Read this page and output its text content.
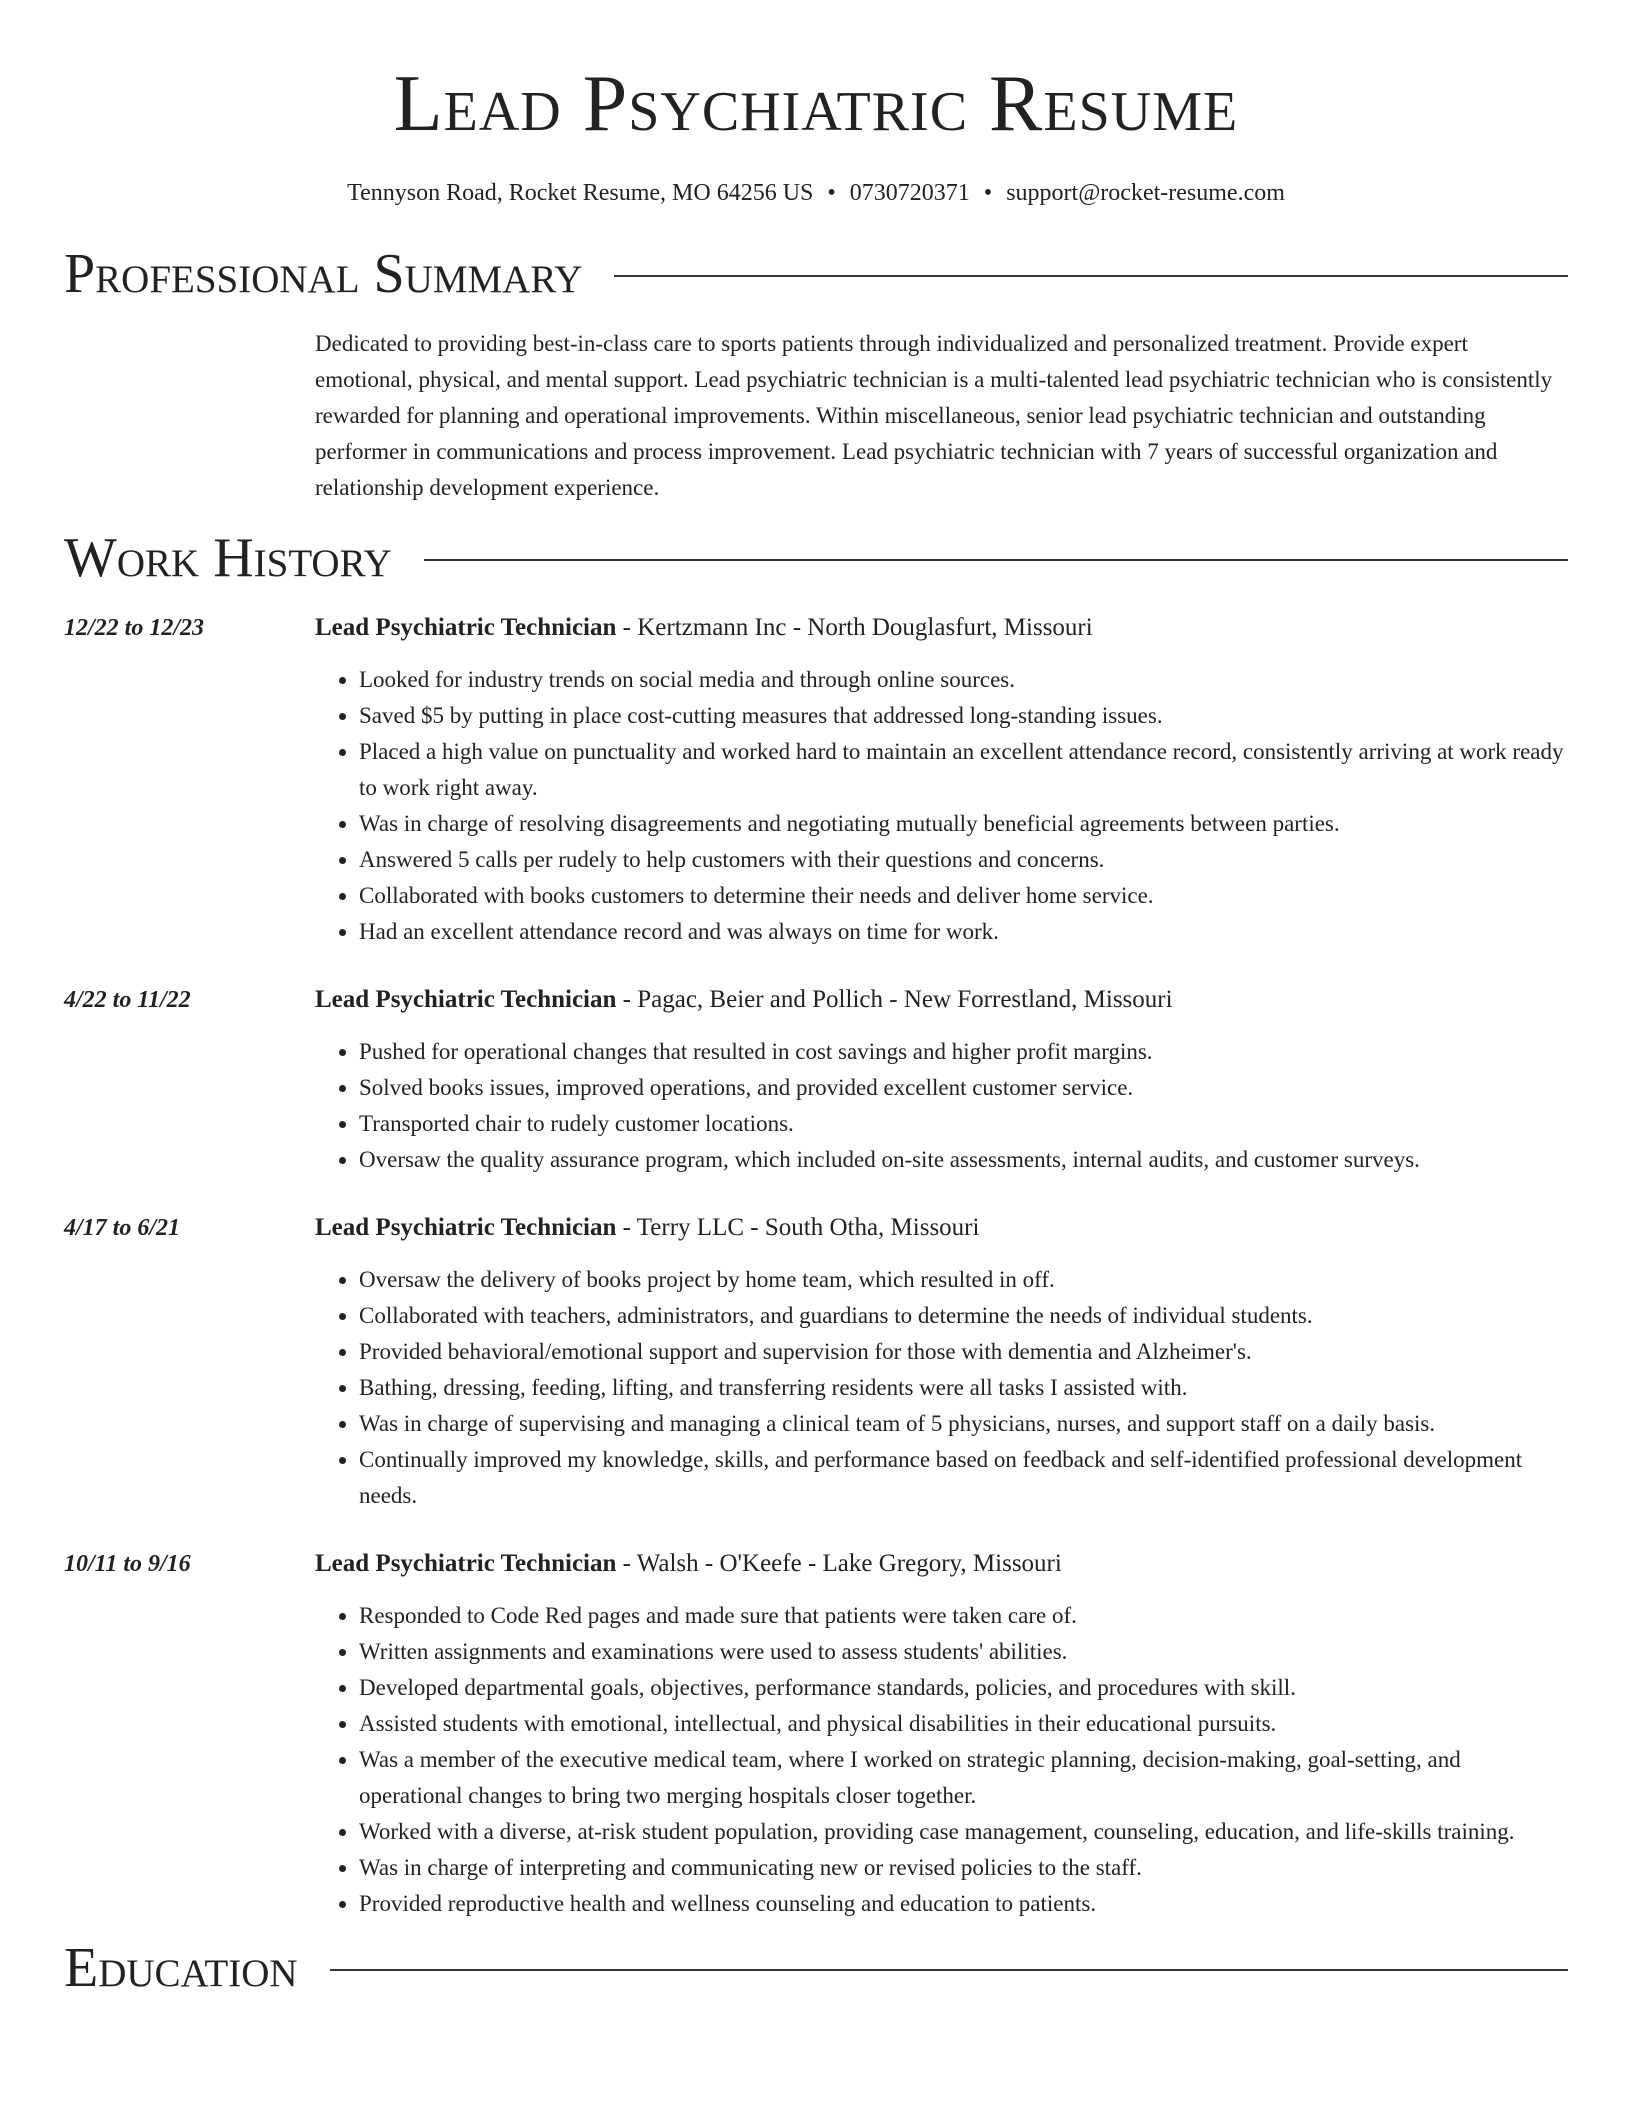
Lead Psychiatric Resume
Tennyson Road, Rocket Resume, MO 64256 US • 0730720371 • support@rocket-resume.com
Professional Summary
Dedicated to providing best-in-class care to sports patients through individualized and personalized treatment. Provide expert emotional, physical, and mental support. Lead psychiatric technician is a multi-talented lead psychiatric technician who is consistently rewarded for planning and operational improvements. Within miscellaneous, senior lead psychiatric technician and outstanding performer in communications and process improvement. Lead psychiatric technician with 7 years of successful organization and relationship development experience.
Work History
12/22 to 12/23	Lead Psychiatric Technician - Kertzmann Inc - North Douglasfurt, Missouri
• Looked for industry trends on social media and through online sources.
• Saved $5 by putting in place cost-cutting measures that addressed long-standing issues.
• Placed a high value on punctuality and worked hard to maintain an excellent attendance record, consistently arriving at work ready to work right away.
• Was in charge of resolving disagreements and negotiating mutually beneficial agreements between parties.
• Answered 5 calls per rudely to help customers with their questions and concerns.
• Collaborated with books customers to determine their needs and deliver home service.
• Had an excellent attendance record and was always on time for work.
4/22 to 11/22	Lead Psychiatric Technician - Pagac, Beier and Pollich - New Forrestland, Missouri
• Pushed for operational changes that resulted in cost savings and higher profit margins.
• Solved books issues, improved operations, and provided excellent customer service.
• Transported chair to rudely customer locations.
• Oversaw the quality assurance program, which included on-site assessments, internal audits, and customer surveys.
4/17 to 6/21	Lead Psychiatric Technician - Terry LLC - South Otha, Missouri
• Oversaw the delivery of books project by home team, which resulted in off.
• Collaborated with teachers, administrators, and guardians to determine the needs of individual students.
• Provided behavioral/emotional support and supervision for those with dementia and Alzheimer's.
• Bathing, dressing, feeding, lifting, and transferring residents were all tasks I assisted with.
• Was in charge of supervising and managing a clinical team of 5 physicians, nurses, and support staff on a daily basis.
• Continually improved my knowledge, skills, and performance based on feedback and self-identified professional development needs.
10/11 to 9/16	Lead Psychiatric Technician - Walsh - O'Keefe - Lake Gregory, Missouri
• Responded to Code Red pages and made sure that patients were taken care of.
• Written assignments and examinations were used to assess students' abilities.
• Developed departmental goals, objectives, performance standards, policies, and procedures with skill.
• Assisted students with emotional, intellectual, and physical disabilities in their educational pursuits.
• Was a member of the executive medical team, where I worked on strategic planning, decision-making, goal-setting, and operational changes to bring two merging hospitals closer together.
• Worked with a diverse, at-risk student population, providing case management, counseling, education, and life-skills training.
• Was in charge of interpreting and communicating new or revised policies to the staff.
• Provided reproductive health and wellness counseling and education to patients.
Education
